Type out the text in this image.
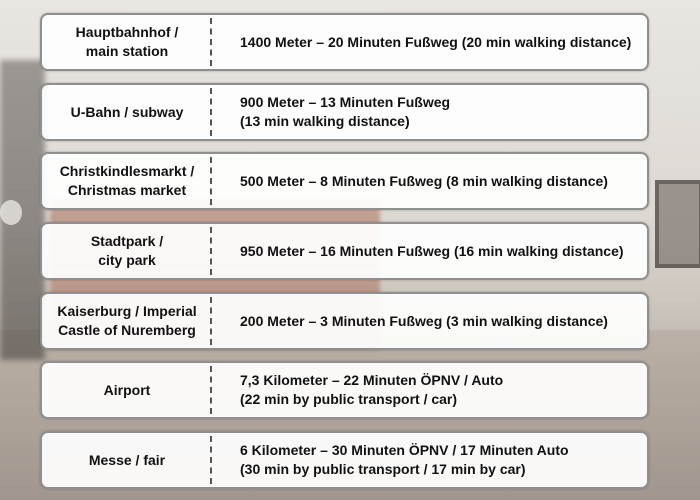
Hauptbahnhof /
main station
1400 Meter – 20 Minuten Fußweg (20 min walking distance)
U-Bahn / subway
900 Meter – 13 Minuten Fußweg
(13 min walking distance)
Christkindlesmarkt /
Christmas market
500 Meter – 8 Minuten Fußweg (8 min walking distance)
Stadtpark /
city park
950 Meter – 16 Minuten Fußweg (16 min walking distance)
Kaiserburg / Imperial
Castle of Nuremberg
200 Meter – 3 Minuten Fußweg (3 min walking distance)
Airport
7,3 Kilometer – 22 Minuten ÖPNV / Auto
(22 min by public transport / car)
Messe / fair
6 Kilometer – 30 Minuten ÖPNV / 17 Minuten Auto
(30 min by public transport / 17 min by car)
